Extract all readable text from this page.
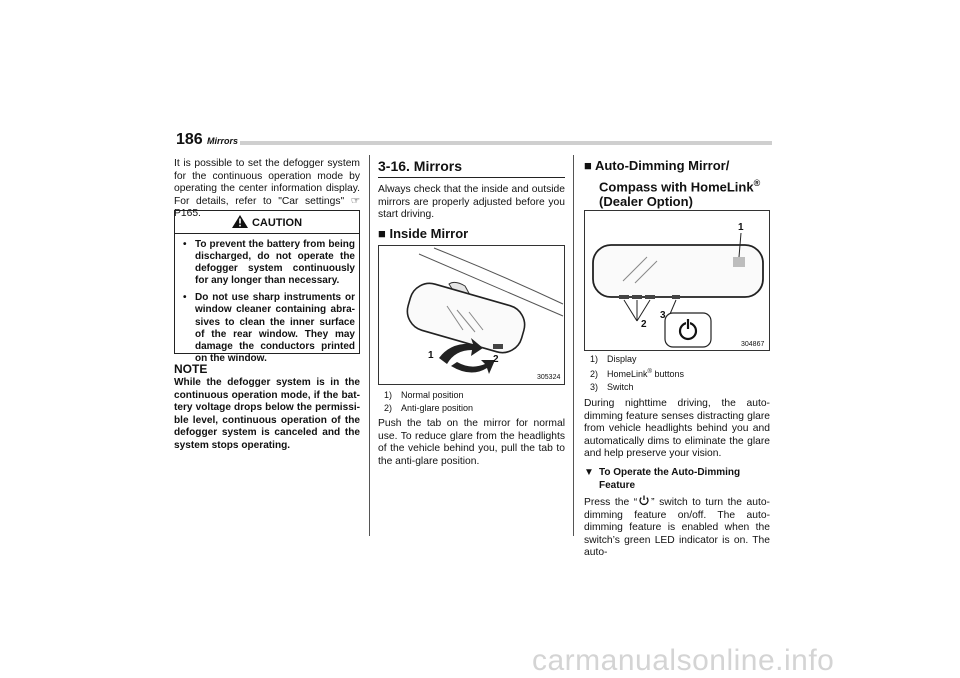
186 Mirrors
It is possible to set the defogger system for the continuous operation mode by operating the center information display. For details, refer to "Car settings" ☞P165.
CAUTION
• To prevent the battery from being discharged, do not operate the defogger system continuously for any longer than necessary.
• Do not use sharp instruments or window cleaner containing abra-sives to clean the inner surface of the rear window. They may damage the conductors printed on the window.
NOTE
While the defogger system is in the continuous operation mode, if the bat-tery voltage drops below the permissi-ble level, continuous operation of the defogger system is canceled and the system stops operating.
3-16. Mirrors
Always check that the inside and outside mirrors are properly adjusted before you start driving.
■ Inside Mirror
1	2
305324
1) Normal position
2) Anti-glare position
Push the tab on the mirror for normal use. To reduce glare from the headlights of the vehicle behind you, pull the tab to the anti-glare position.
■ Auto-Dimming Mirror/
Compass with HomeLink®
(Dealer Option)
1
2
3
304867
1) Display
2) HomeLink® buttons
3) Switch
During nighttime driving, the auto-dimming feature senses distracting glare from vehicle headlights behind you and automatically dims to eliminate the glare and help preserve your vision.
▼ To Operate the Auto-Dimming
Feature
Press the “ ” switch to turn the auto-dimming feature on/off. The auto-dimming feature is enabled when the switch’s green LED indicator is on. The auto-
carmanualsonline.info
